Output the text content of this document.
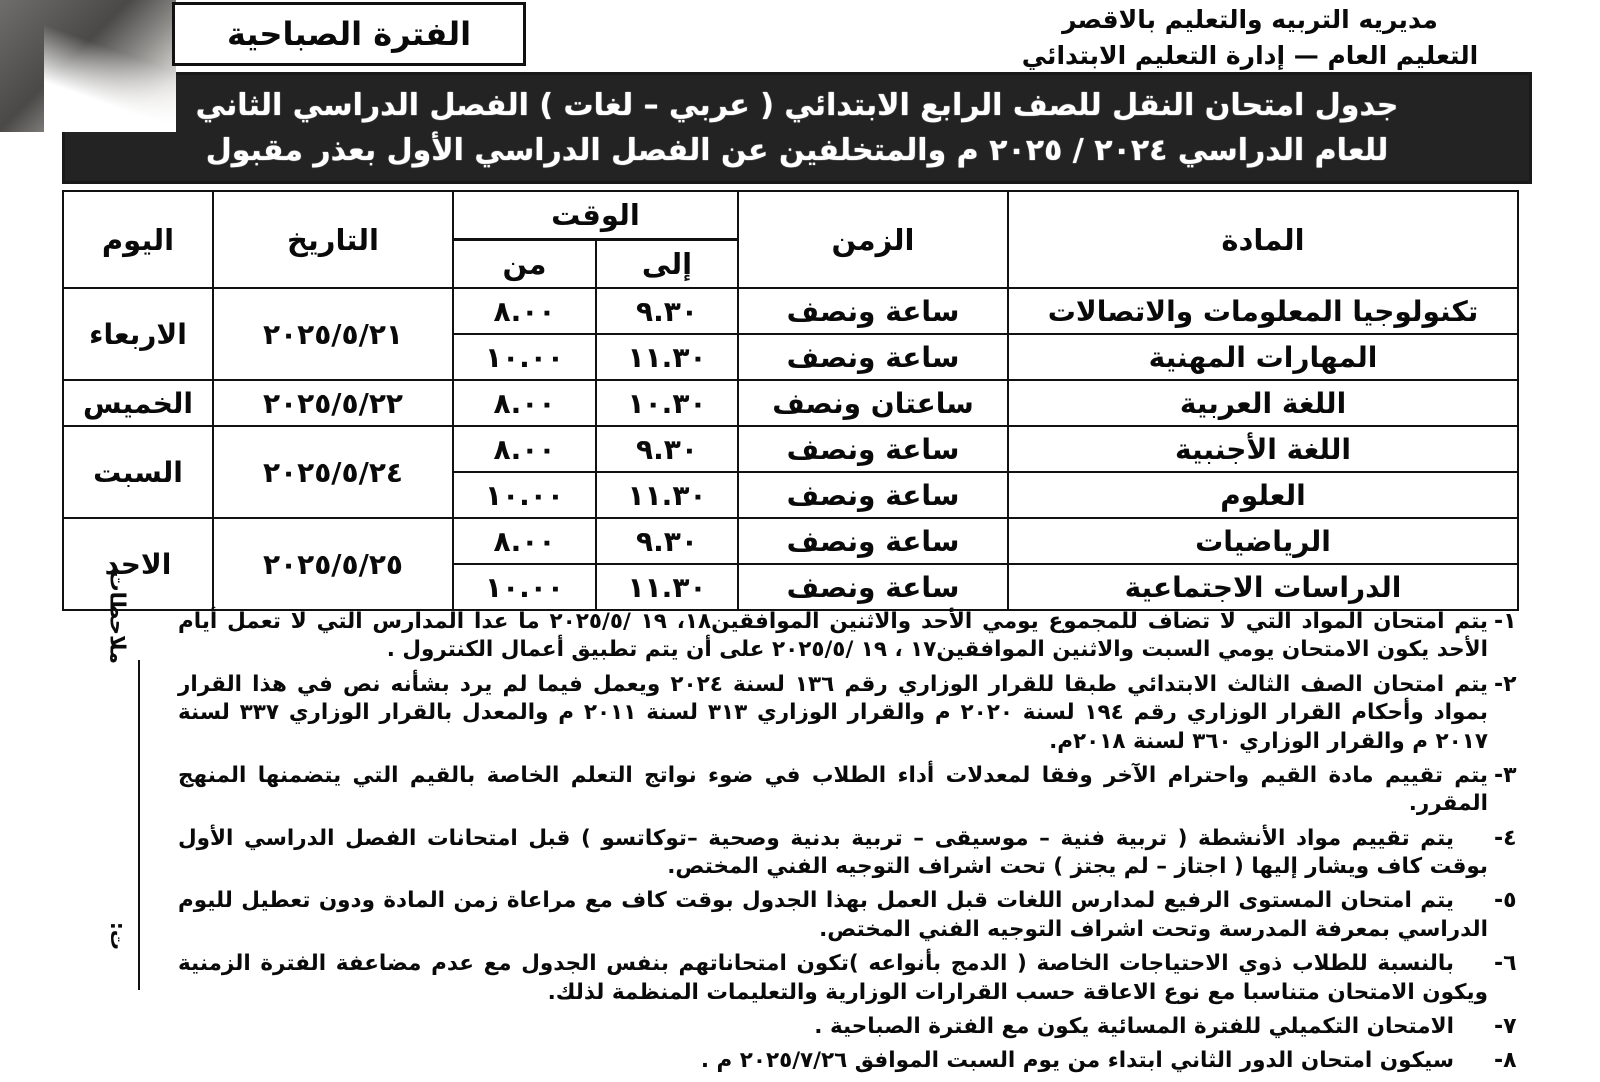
مديريه التربيه والتعليم بالاقصر
التعليم العام — إدارة التعليم الابتدائي
الفترة الصباحية
جدول امتحان النقل للصف الرابع الابتدائي ( عربي – لغات ) الفصل الدراسي الثاني
للعام الدراسي ٢٠٢٤ / ٢٠٢٥ م والمتخلفين عن الفصل الدراسي الأول بعذر مقبول
المادة	الزمن	الوقت		التاريخ	اليوم
		إلى	من		
تكنولوجيا المعلومات والاتصالات	ساعة ونصف	٩.٣٠	٨.٠٠	٢٠٢٥/٥/٢١	الاربعاء
المهارات المهنية	ساعة ونصف	١١.٣٠	١٠.٠٠		
اللغة العربية	ساعتان ونصف	١٠.٣٠	٨.٠٠	٢٠٢٥/٥/٢٢	الخميس
اللغة الأجنبية	ساعة ونصف	٩.٣٠	٨.٠٠	٢٠٢٥/٥/٢٤	السبت
العلوم	ساعة ونصف	١١.٣٠	١٠.٠٠		
الرياضيات	ساعة ونصف	٩.٣٠	٨.٠٠	٢٠٢٥/٥/٢٥	الاحد
الدراسات الاجتماعية	ساعة ونصف	١١.٣٠	١٠.٠٠		
ملاحظات
ت:
١-
يتم امتحان المواد التي لا تضاف للمجموع يومي الأحد والاثنين الموافقين١٨، ١٩ /٢٠٢٥/٥ ما عدا المدارس التي لا تعمل أيام الأحد يكون الامتحان يومي السبت والاثنين الموافقين١٧ ، ١٩ /٢٠٢٥/٥ على أن يتم تطبيق أعمال الكنترول .
٢-
يتم امتحان الصف الثالث الابتدائي طبقا للقرار الوزاري رقم ١٣٦ لسنة ٢٠٢٤ ويعمل فيما لم يرد بشأنه نص في هذا القرار بمواد وأحكام القرار الوزاري رقم ١٩٤ لسنة ٢٠٢٠ م والقرار الوزاري ٣١٣ لسنة ٢٠١١ م والمعدل بالقرار الوزاري ٣٣٧ لسنة ٢٠١٧ م والقرار الوزاري ٣٦٠ لسنة ٢٠١٨م.
٣-
يتم تقييم مادة القيم واحترام الآخر وفقا لمعدلات أداء الطلاب في ضوء نواتج التعلم الخاصة بالقيم التي يتضمنها المنهج المقرر.
٤-
يتم تقييم مواد الأنشطة ( تربية فنية – موسيقى – تربية بدنية وصحية –توكاتسو ) قبل امتحانات الفصل الدراسي الأول بوقت كاف ويشار إليها ( اجتاز – لم يجتز ) تحت اشراف التوجيه الفني المختص.
٥-
يتم امتحان المستوى الرفيع لمدارس اللغات قبل العمل بهذا الجدول بوقت كاف مع مراعاة زمن المادة ودون تعطيل لليوم الدراسي بمعرفة المدرسة وتحت اشراف التوجيه الفني المختص.
٦-
بالنسبة للطلاب ذوي الاحتياجات الخاصة ( الدمج بأنواعه )تكون امتحاناتهم بنفس الجدول مع عدم مضاعفة الفترة الزمنية ويكون الامتحان متناسبا مع نوع الاعاقة حسب القرارات الوزارية والتعليمات المنظمة لذلك.
٧-
الامتحان التكميلي للفترة المسائية يكون مع الفترة الصباحية .
٨-
سيكون امتحان الدور الثاني ابتداء من يوم السبت الموافق ٢٠٢٥/٧/٢٦ م .
